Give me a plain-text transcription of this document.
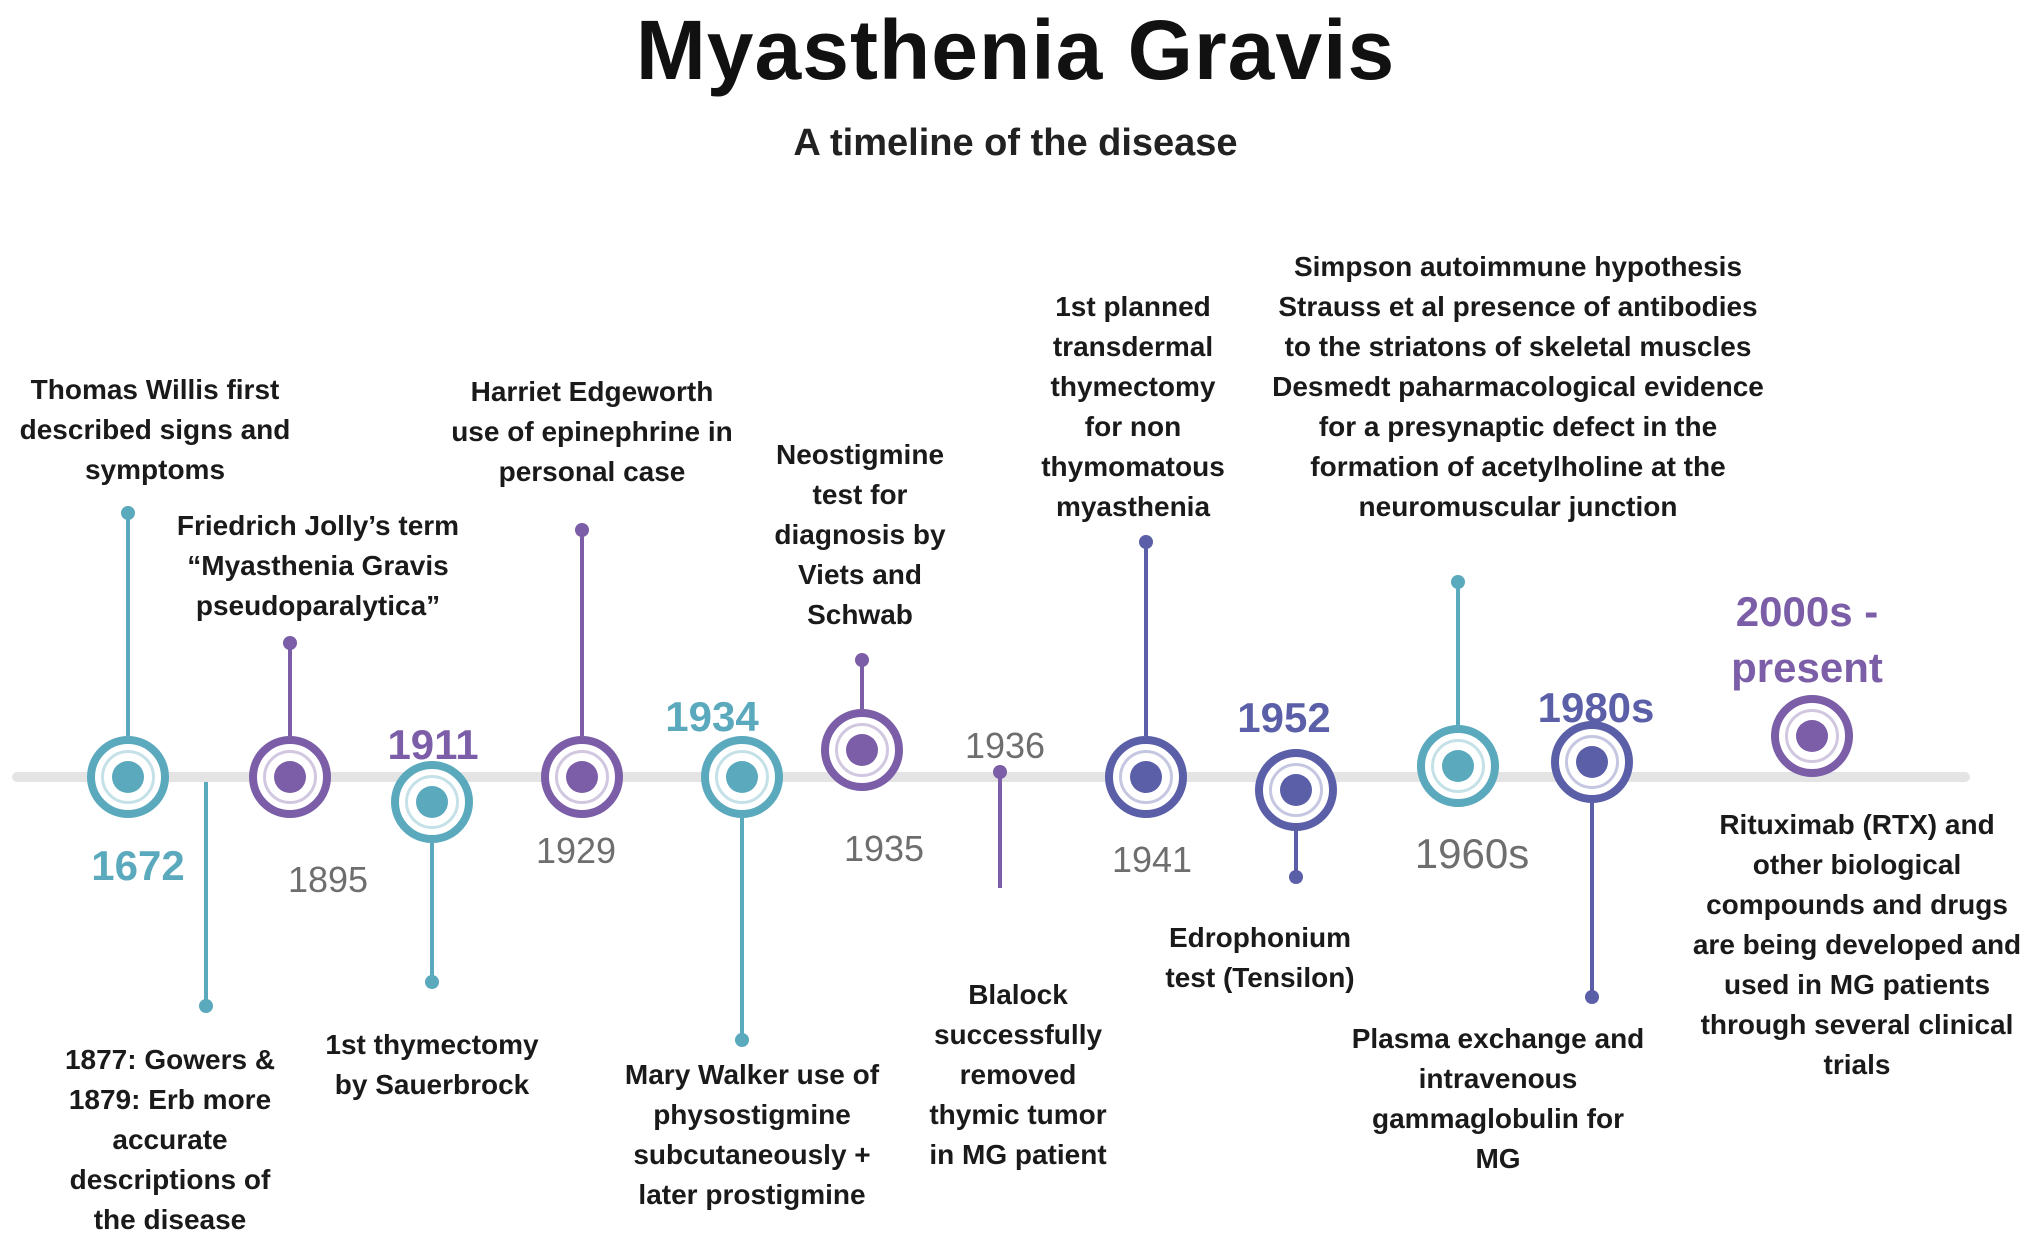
Myasthenia Gravis
A timeline of the disease
1672
Thomas Willis first
described signs and
symptoms
1877: Gowers &
1879: Erb more
accurate
descriptions of
the disease
1895
Friedrich Jolly’s term
“Myasthenia Gravis
pseudoparalytica”
1911
1st thymectomy
by Sauerbrock
1929
Harriet Edgeworth
use of epinephrine in
personal case
1934
Mary Walker use of
physostigmine
subcutaneously +
later prostigmine
1935
Neostigmine
test for
diagnosis by
Viets and
Schwab
1936
Blalock
successfully
removed
thymic tumor
in MG patient
1941
1st planned
transdermal
thymectomy
for non
thymomatous
myasthenia
1952
Edrophonium
test (Tensilon)
1960s
Simpson autoimmune hypothesis
Strauss et al presence of antibodies
to the striatons of skeletal muscles
Desmedt paharmacological evidence
for a presynaptic defect in the
formation of acetylholine at the
neuromuscular junction
1980s
Plasma exchange and
intravenous
gammaglobulin for
MG
2000s -
present
Rituximab (RTX) and
other biological
compounds and drugs
are being developed and
used in MG patients
through several clinical
trials
